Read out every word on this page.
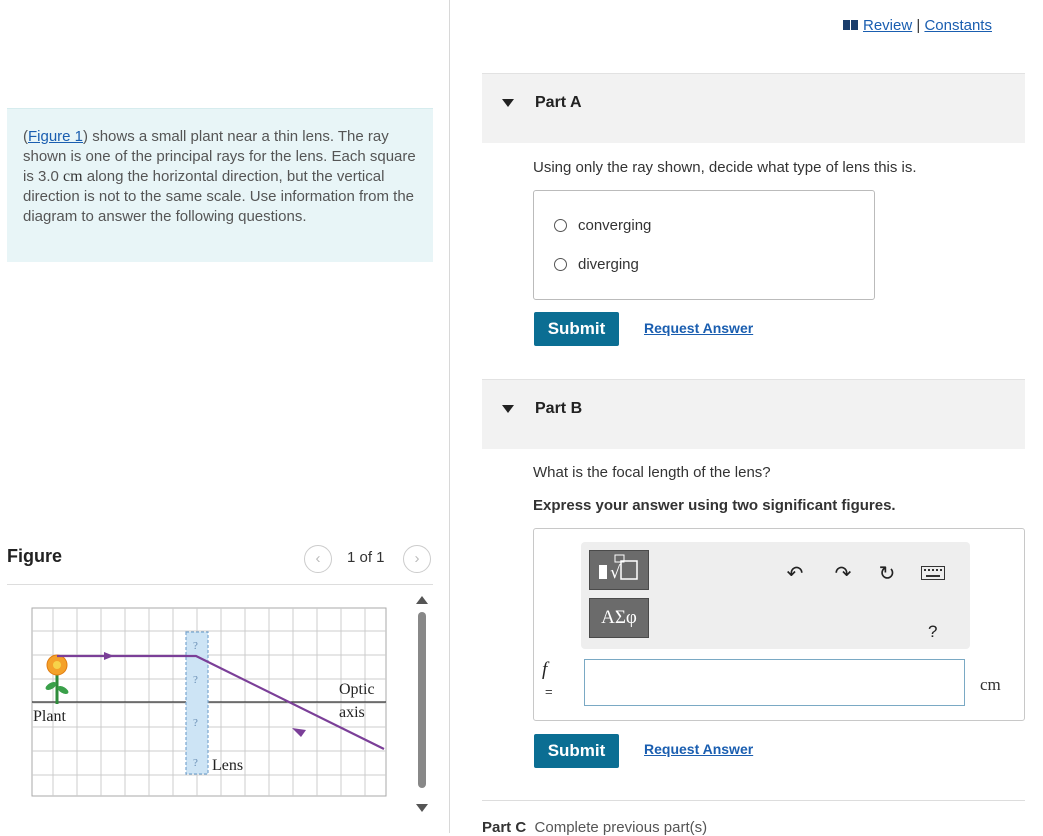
(Figure 1) shows a small plant near a thin lens. The ray shown is one of the principal rays for the lens. Each square is 3.0 cm along the horizontal direction, but the vertical direction is not to the same scale. Use information from the diagram to answer the following questions.
Figure	‹	1 of 1	›
?
?
?
?
Plant
Optic
axis
Lens
Review | Constants
Part A
Using only the ray shown, decide what type of lens this is.
converging
diverging
Submit	Request Answer
Part B
What is the focal length of the lens?
Express your answer using two significant figures.
√
ΑΣφ
↶ ↷ ↻
?
f
=	cm
Submit	Request Answer
Part C Complete previous part(s)
